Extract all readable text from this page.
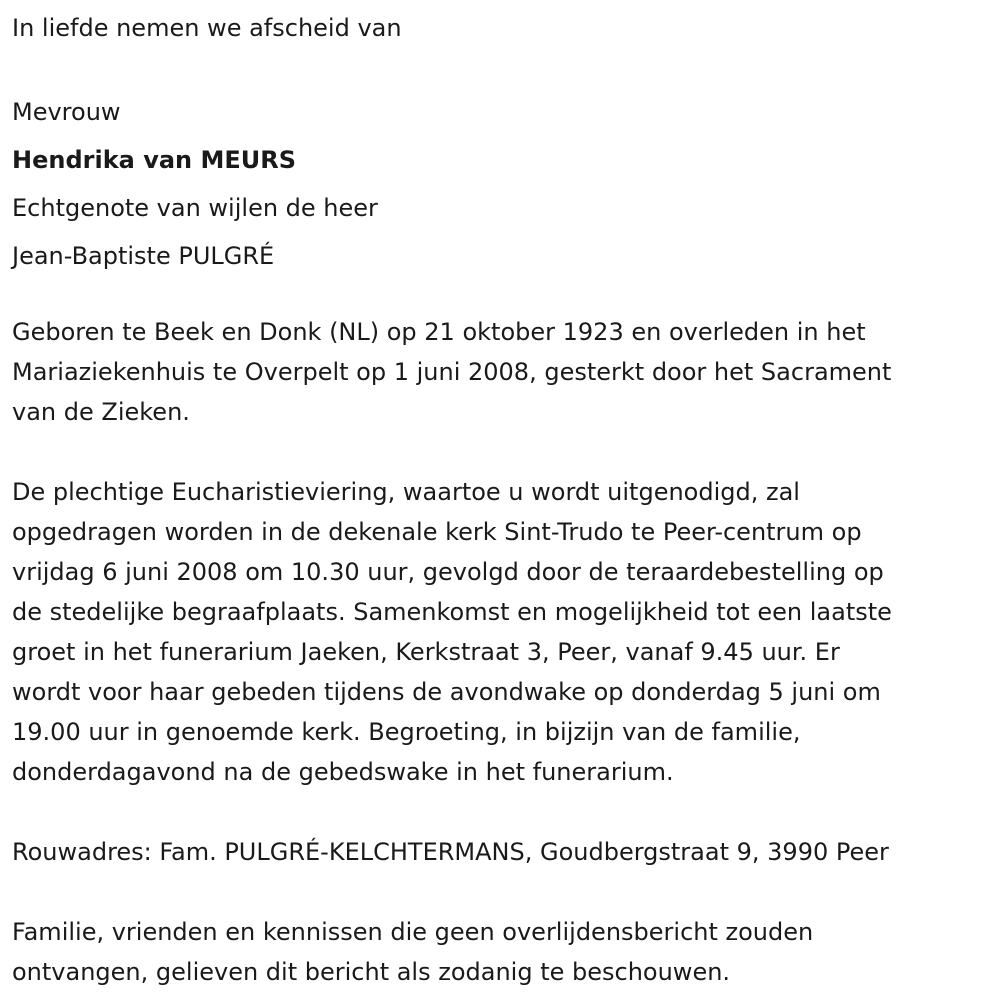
In liefde nemen we afscheid van

Mevrouw

Hendrika van MEURS

Echtgenote van wijlen de heer

Jean-Baptiste PULGRÉ

Geboren te Beek en Donk (NL) op 21 oktober 1923 en overleden in het
Mariaziekenhuis te Overpelt op 1 juni 2008, gesterkt door het Sacrament
van de Zieken.
De plechtige Eucharistieviering, waartoe u wordt uitgenodigd, zal
opgedragen worden in de dekenale kerk Sint-Trudo te Peer-centrum op
vrijdag 6 juni 2008 om 10.30 uur, gevolgd door de teraardebestelling op
de stedelijke begraafplaats. Samenkomst en mogelijkheid tot een laatste
groet in het funerarium Jaeken, Kerkstraat 3, Peer, vanaf 9.45 uur. Er
wordt voor haar gebeden tijdens de avondwake op donderdag 5 juni om
19.00 uur in genoemde kerk. Begroeting, in bijzijn van de familie,
donderdagavond na de gebedswake in het funerarium.

Rouwadres: Fam. PULGRÉ-KELCHTERMANS, Goudbergstraat 9, 3990 Peer

Familie, vrienden en kennissen die geen overlijdensbericht zouden
ontvangen, gelieven dit bericht als zodanig te beschouwen.
